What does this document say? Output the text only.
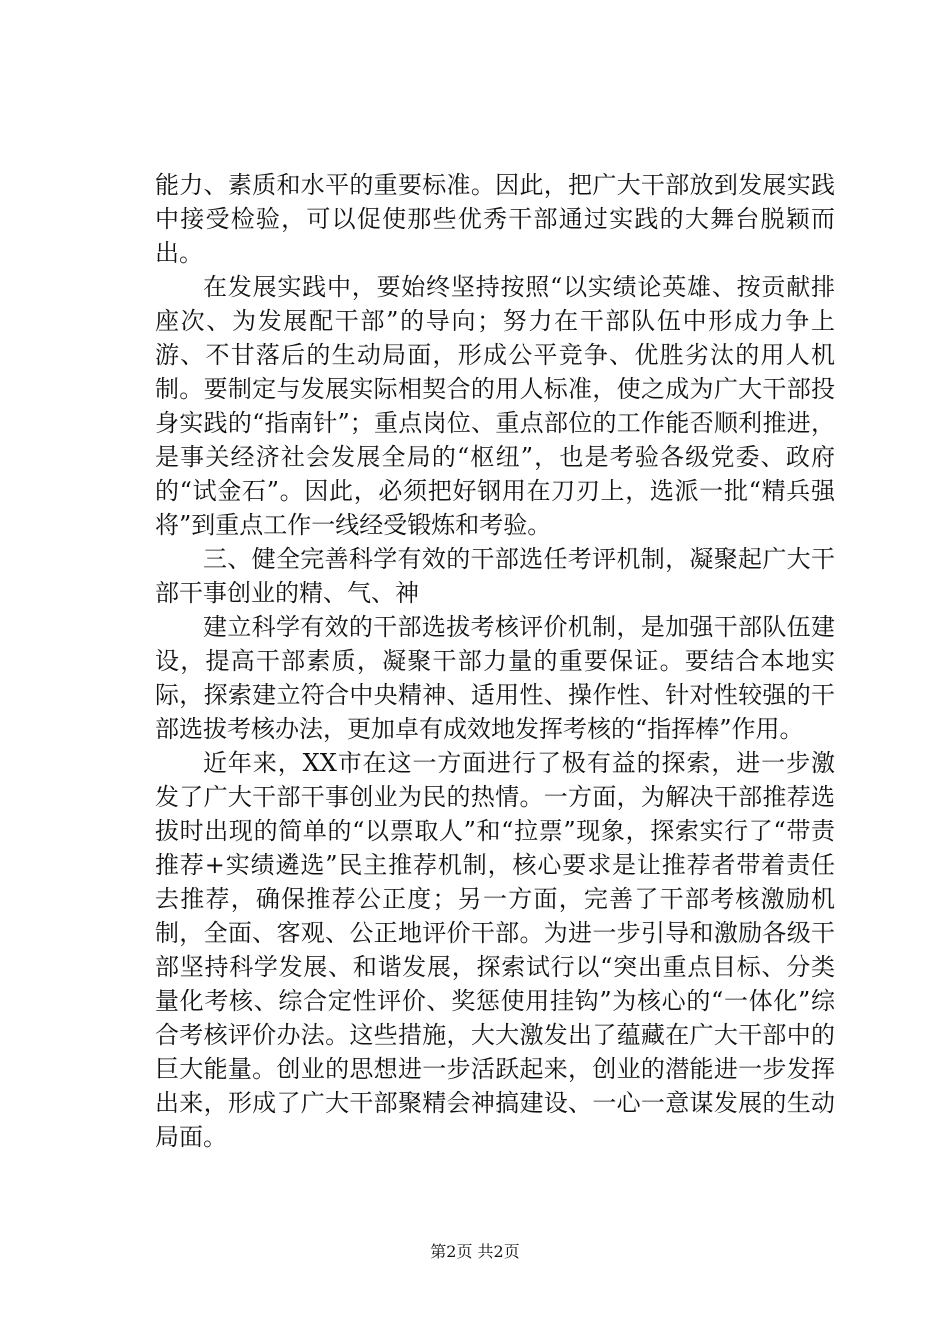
能力、素质和水平的重要标准。因此，把广大干部放到发展实践中接受检验，可以促使那些优秀干部通过实践的大舞台脱颖而出。

在发展实践中，要始终坚持按照“以实绩论英雄、按贡献排座次、为发展配干部”的导向；努力在干部队伍中形成力争上游、不甘落后的生动局面，形成公平竞争、优胜劣汰的用人机制。要制定与发展实际相契合的用人标准，使之成为广大干部投身实践的“指南针”；重点岗位、重点部位的工作能否顺利推进，是事关经济社会发展全局的“枢纽”，也是考验各级党委、政府的“试金石”。因此，必须把好钢用在刀刃上，选派一批“精兵强将”到重点工作一线经受锻炼和考验。

三、健全完善科学有效的干部选任考评机制，凝聚起广大干部干事创业的精、气、神

建立科学有效的干部选拔考核评价机制，是加强干部队伍建设，提高干部素质，凝聚干部力量的重要保证。要结合本地实际，探索建立符合中央精神、适用性、操作性、针对性较强的干部选拔考核办法，更加卓有成效地发挥考核的“指挥棒”作用。

近年来，XX市在这一方面进行了极有益的探索，进一步激发了广大干部干事创业为民的热情。一方面，为解决干部推荐选拔时出现的简单的“以票取人”和“拉票”现象，探索实行了“带责推荐+实绩遴选”民主推荐机制，核心要求是让推荐者带着责任去推荐，确保推荐公正度；另一方面，完善了干部考核激励机制，全面、客观、公正地评价干部。为进一步引导和激励各级干部坚持科学发展、和谐发展，探索试行以“突出重点目标、分类量化考核、综合定性评价、奖惩使用挂钩”为核心的“一体化”综合考核评价办法。这些措施，大大激发出了蕴藏在广大干部中的巨大能量。创业的思想进一步活跃起来，创业的潜能进一步发挥出来，形成了广大干部聚精会神搞建设、一心一意谋发展的生动局面。

第2页 共2页
